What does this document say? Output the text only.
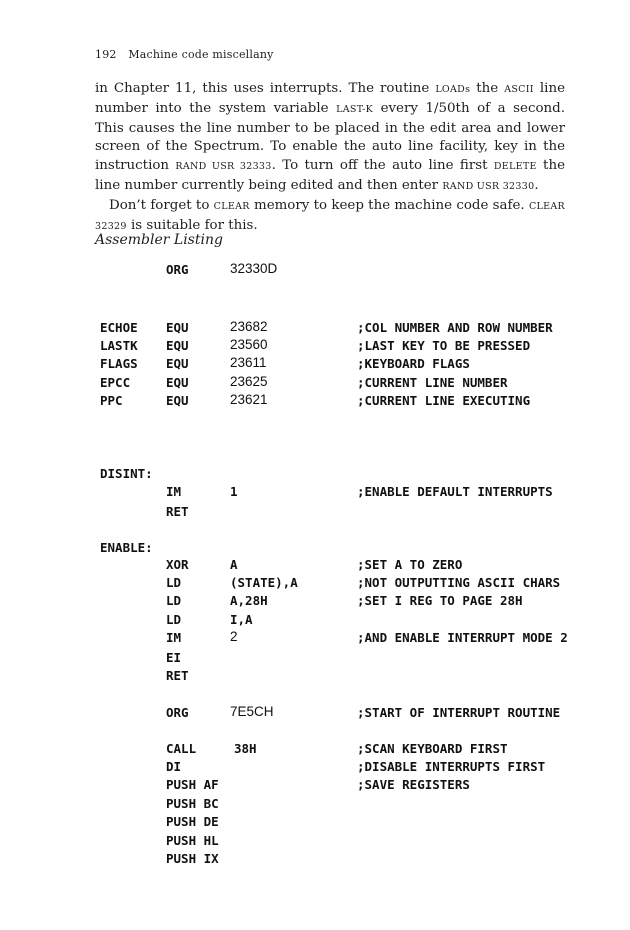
192 Machine code miscellany

in Chapter 11, this uses interrupts. The routine LOADs the ASCII line number into the system variable LAST-K every 1/50th of a second. This causes the line number to be placed in the edit area and lower screen of the Spectrum. To enable the auto line facility, key in the instruction RAND USR 32333. To turn off the auto line first DELETE the line number currently being edited and then enter RAND USR 32330.

Don’t forget to CLEAR memory to keep the machine code safe. CLEAR 32329 is suitable for this.

Assembler Listing
ORG	32330D
ECHOE EQU	23682	;COL NUMBER AND ROW NUMBER
LASTK EQU	23560	;LAST KEY TO BE PRESSED
FLAGS EQU	23611	;KEYBOARD FLAGS
EPCC	EQU	23625	;CURRENT LINE NUMBER
PPC	EQU	23621	;CURRENT LINE EXECUTING
DISINT:
IM	1	;ENABLE DEFAULT INTERRUPTS
RET
ENABLE:
XOR	A	;SET A TO ZERO
LD	(STATE),A	;NOT OUTPUTTING ASCII CHARS
LD	A,28H	;SET I REG TO PAGE 28H
LD	I,A
IM	2	;AND ENABLE INTERRUPT MODE 2
EI
RET
ORG	7E5CH	;START OF INTERRUPT ROUTINE
CALL	38H	;SCAN KEYBOARD FIRST
DI	;DISABLE INTERRUPTS FIRST
PUSH AF	;SAVE REGISTERS
PUSH BC
PUSH DE
PUSH HL
PUSH IX
